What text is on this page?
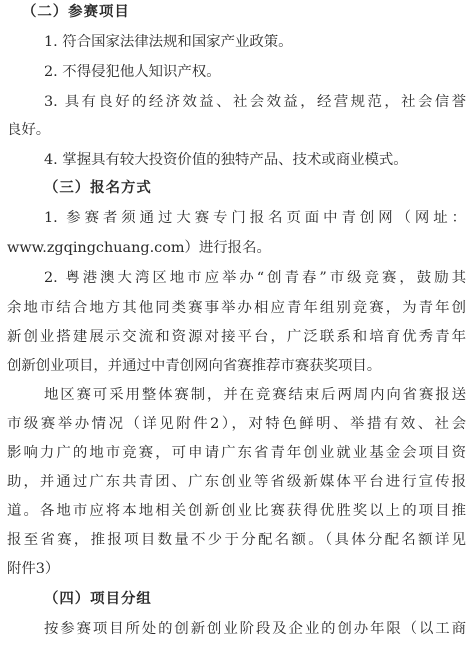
（二）参赛项目
1. 符合国家法律法规和国家产业政策。
2. 不得侵犯他人知识产权。
3. 具有良好的经济效益、社会效益，经营规范，社会信誉
良好。
4. 掌握具有较大投资价值的独特产品、技术或商业模式。
（三）报名方式
1. 参赛者须通过大赛专门报名页面中青创网（网址：
www.zgqingchuang.com）进行报名。
2. 粤港澳大湾区地市应举办“创青春”市级竞赛，鼓励其
余地市结合地方其他同类赛事举办相应青年组别竞赛，为青年创
新创业搭建展示交流和资源对接平台，广泛联系和培育优秀青年
创新创业项目，并通过中青创网向省赛推荐市赛获奖项目。
地区赛可采用整体赛制，并在竞赛结束后两周内向省赛报送
市级赛举办情况（详见附件2），对特色鲜明、举措有效、社会
影响力广的地市竞赛，可申请广东省青年创业就业基金会项目资
助，并通过广东共青团、广东创业等省级新媒体平台进行宣传报
道。各地市应将本地相关创新创业比赛获得优胜奖以上的项目推
报至省赛，推报项目数量不少于分配名额。（具体分配名额详见
附件3）
（四）项目分组
按参赛项目所处的创新创业阶段及企业的创办年限（以工商
